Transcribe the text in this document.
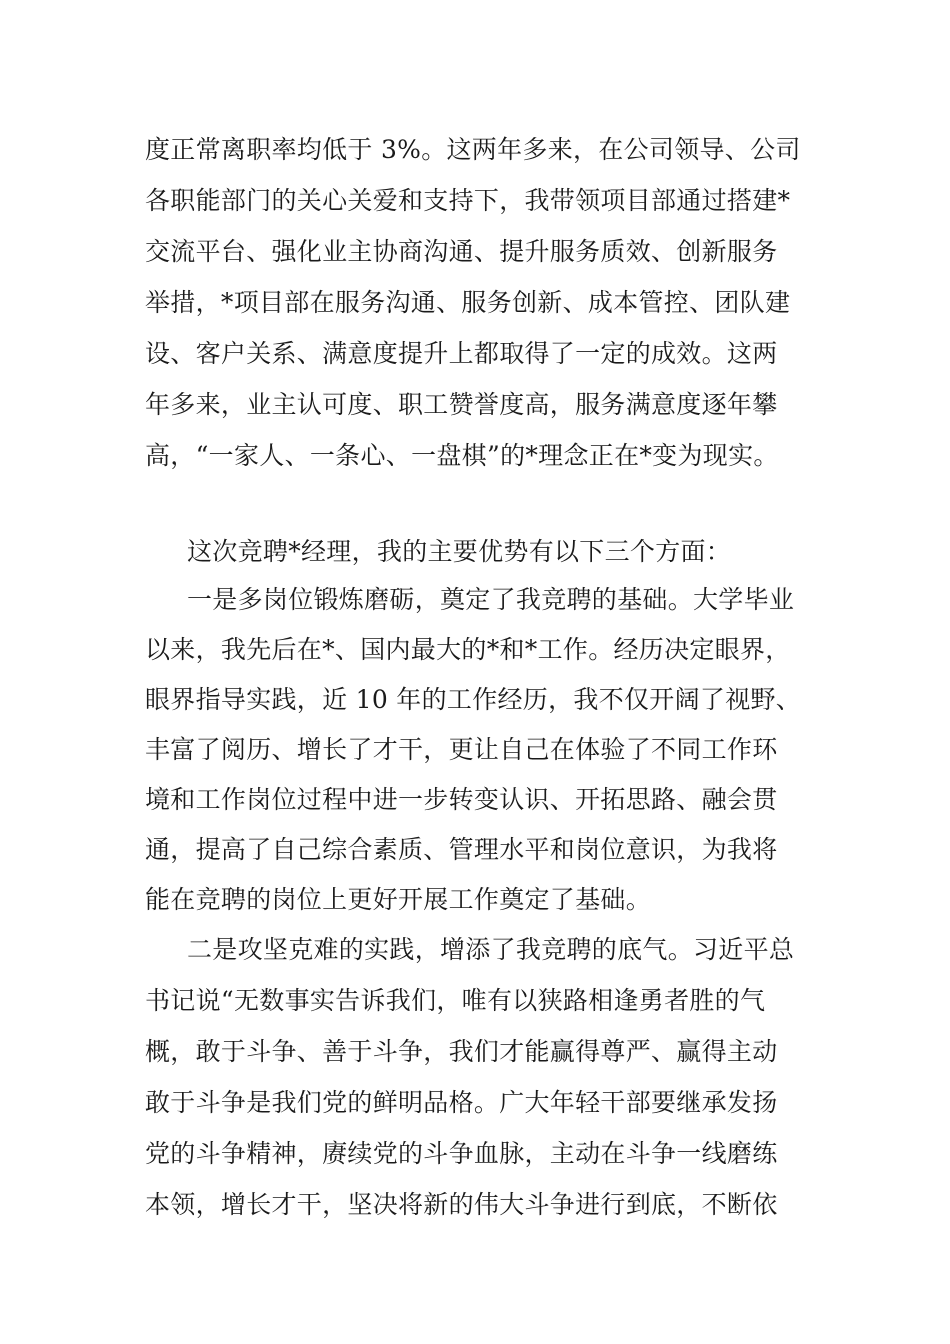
度正常离职率均低于 3%。这两年多来，在公司领导、公司
各职能部门的关心关爱和支持下，我带领项目部通过搭建*
交流平台、强化业主协商沟通、提升服务质效、创新服务
举措，*项目部在服务沟通、服务创新、成本管控、团队建
设、客户关系、满意度提升上都取得了一定的成效。这两
年多来，业主认可度、职工赞誉度高，服务满意度逐年攀
高，“一家人、一条心、一盘棋”的*理念正在*变为现实。
这次竞聘*经理，我的主要优势有以下三个方面：
一是多岗位锻炼磨砺，奠定了我竞聘的基础。大学毕业
以来，我先后在*、国内最大的*和*工作。经历决定眼界，
眼界指导实践，近 10 年的工作经历，我不仅开阔了视野、
丰富了阅历、增长了才干，更让自己在体验了不同工作环
境和工作岗位过程中进一步转变认识、开拓思路、融会贯
通，提高了自己综合素质、管理水平和岗位意识，为我将
能在竞聘的岗位上更好开展工作奠定了基础。
二是攻坚克难的实践，增添了我竞聘的底气。习近平总
书记说“无数事实告诉我们，唯有以狭路相逢勇者胜的气
概，敢于斗争、善于斗争，我们才能赢得尊严、赢得主动
敢于斗争是我们党的鲜明品格。广大年轻干部要继承发扬
党的斗争精神，赓续党的斗争血脉，主动在斗争一线磨练
本领，增长才干，坚决将新的伟大斗争进行到底，不断依
